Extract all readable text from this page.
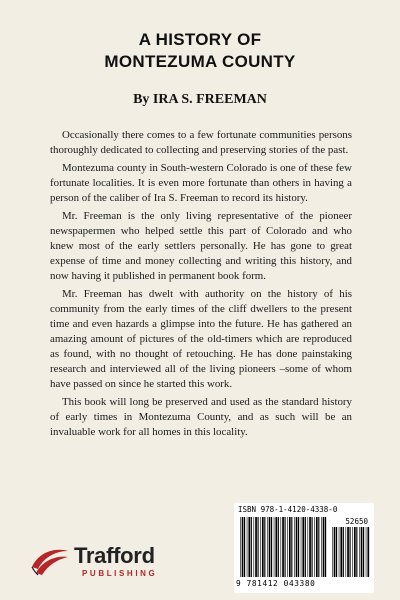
A HISTORY OF
MONTEZUMA COUNTY
By IRA S. FREEMAN

Occasionally there comes to a few fortunate communities persons thoroughly dedicated to collecting and preserving stories of the past.

Montezuma county in South-western Colorado is one of these few fortunate localities. It is even more fortunate than others in having a person of the caliber of Ira S. Freeman to record its history.

Mr. Freeman is the only living representative of the pioneer newspapermen who helped settle this part of Colorado and who knew most of the early settlers personally. He has gone to great expense of time and money collecting and writing this history, and now having it published in permanent book form.

Mr. Freeman has dwelt with authority on the history of his community from the early times of the cliff dwellers to the present time and even hazards a glimpse into the future. He has gathered an amazing amount of pictures of the old-timers which are reproduced as found, with no thought of retouching. He has done painstaking research and interviewed all of the living pioneers –some of whom have passed on since he started this work.

This book will long be preserved and used as the standard history of early times in Montezuma County, and as such will be an invaluable work for all homes in this locality.

Trafford
PUBLISHING
ISBN 978-1-4120-4338-0
52650
9 781412 043380
